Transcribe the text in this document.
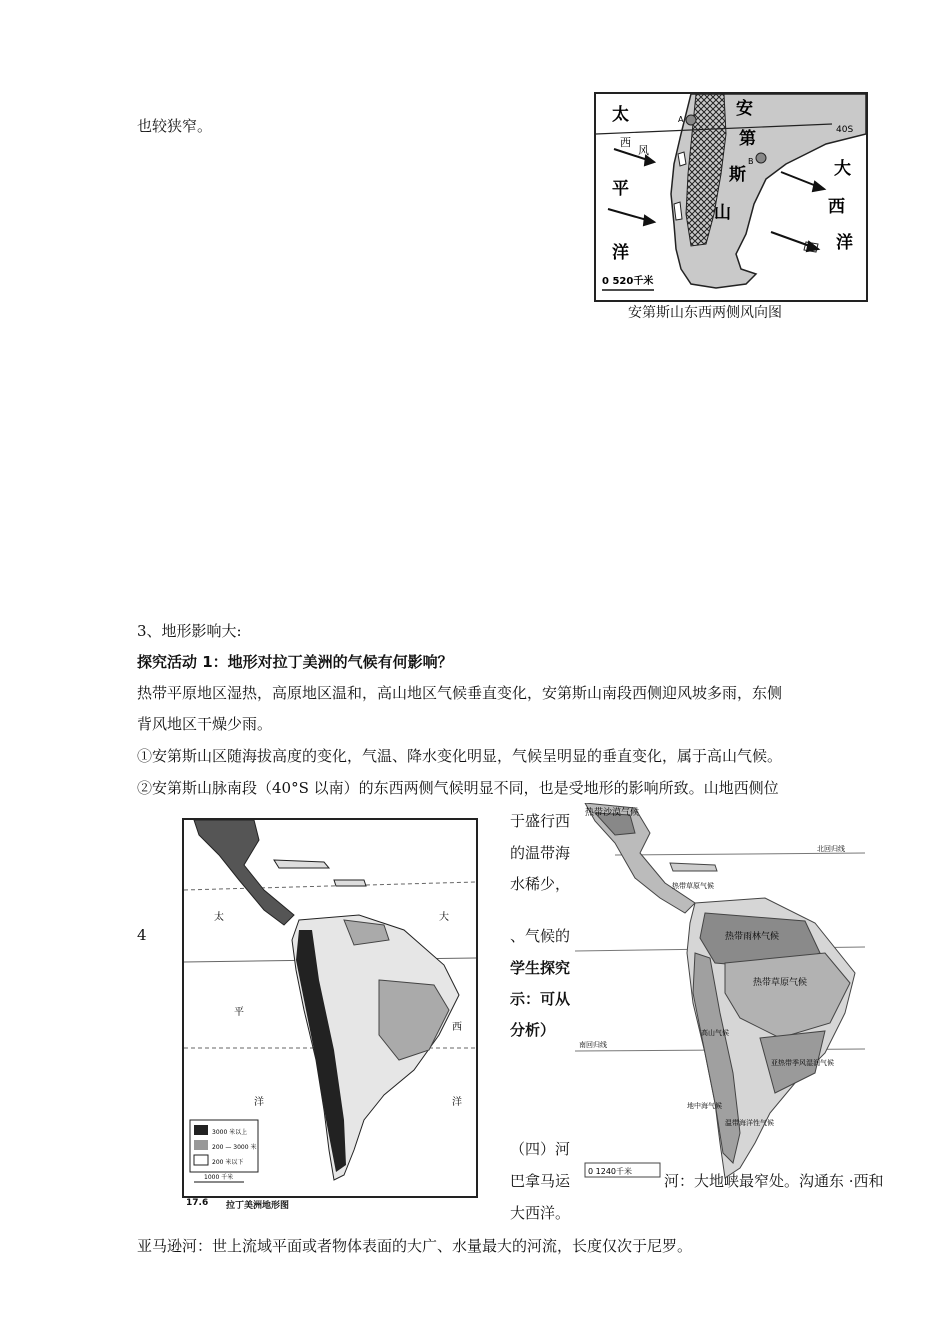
也较狭窄。	A
B
太
西
风
平
洋
安
第
斯
山
大
西
洋
40S
0 520千米
安第斯山东西两侧风向图
3、地形影响大:
探究活动 1：地形对拉丁美洲的气候有何影响？
热带平原地区湿热，高原地区温和，高山地区气候垂直变化，安第斯山南段西侧迎风坡多雨，东侧
背风地区干燥少雨。
①安第斯山区随海拔高度的变化，气温、降水变化明显，气候呈明显的垂直变化，属于高山气候。
②安第斯山脉南段（40°S 以南）的东西两侧气候明显不同，也是受地形的影响所致。山地西侧位
于盛行西
的温带海
水稀少，
4	、气候的
学生探究
示：可从
分析）
（四）河
巴拿马运	河：大地峡最窄处。沟通东 ·西和
大西洋。
亚马逊河：世上流域平面或者物体表面的大广、水量最大的河流，长度仅次于尼罗。
太
平
洋
大
西
洋
3000 米以上
200 — 3000 米
200 米以下
1000 千米
17.6 拉丁美洲地形图
热带沙漠气候
北回归线
热带草原气候
热带雨林气候
热带草原气候
南回归线
地中海气候
亚热带季风湿润气候
高山气候
温带海洋性气候
0 1240千米
